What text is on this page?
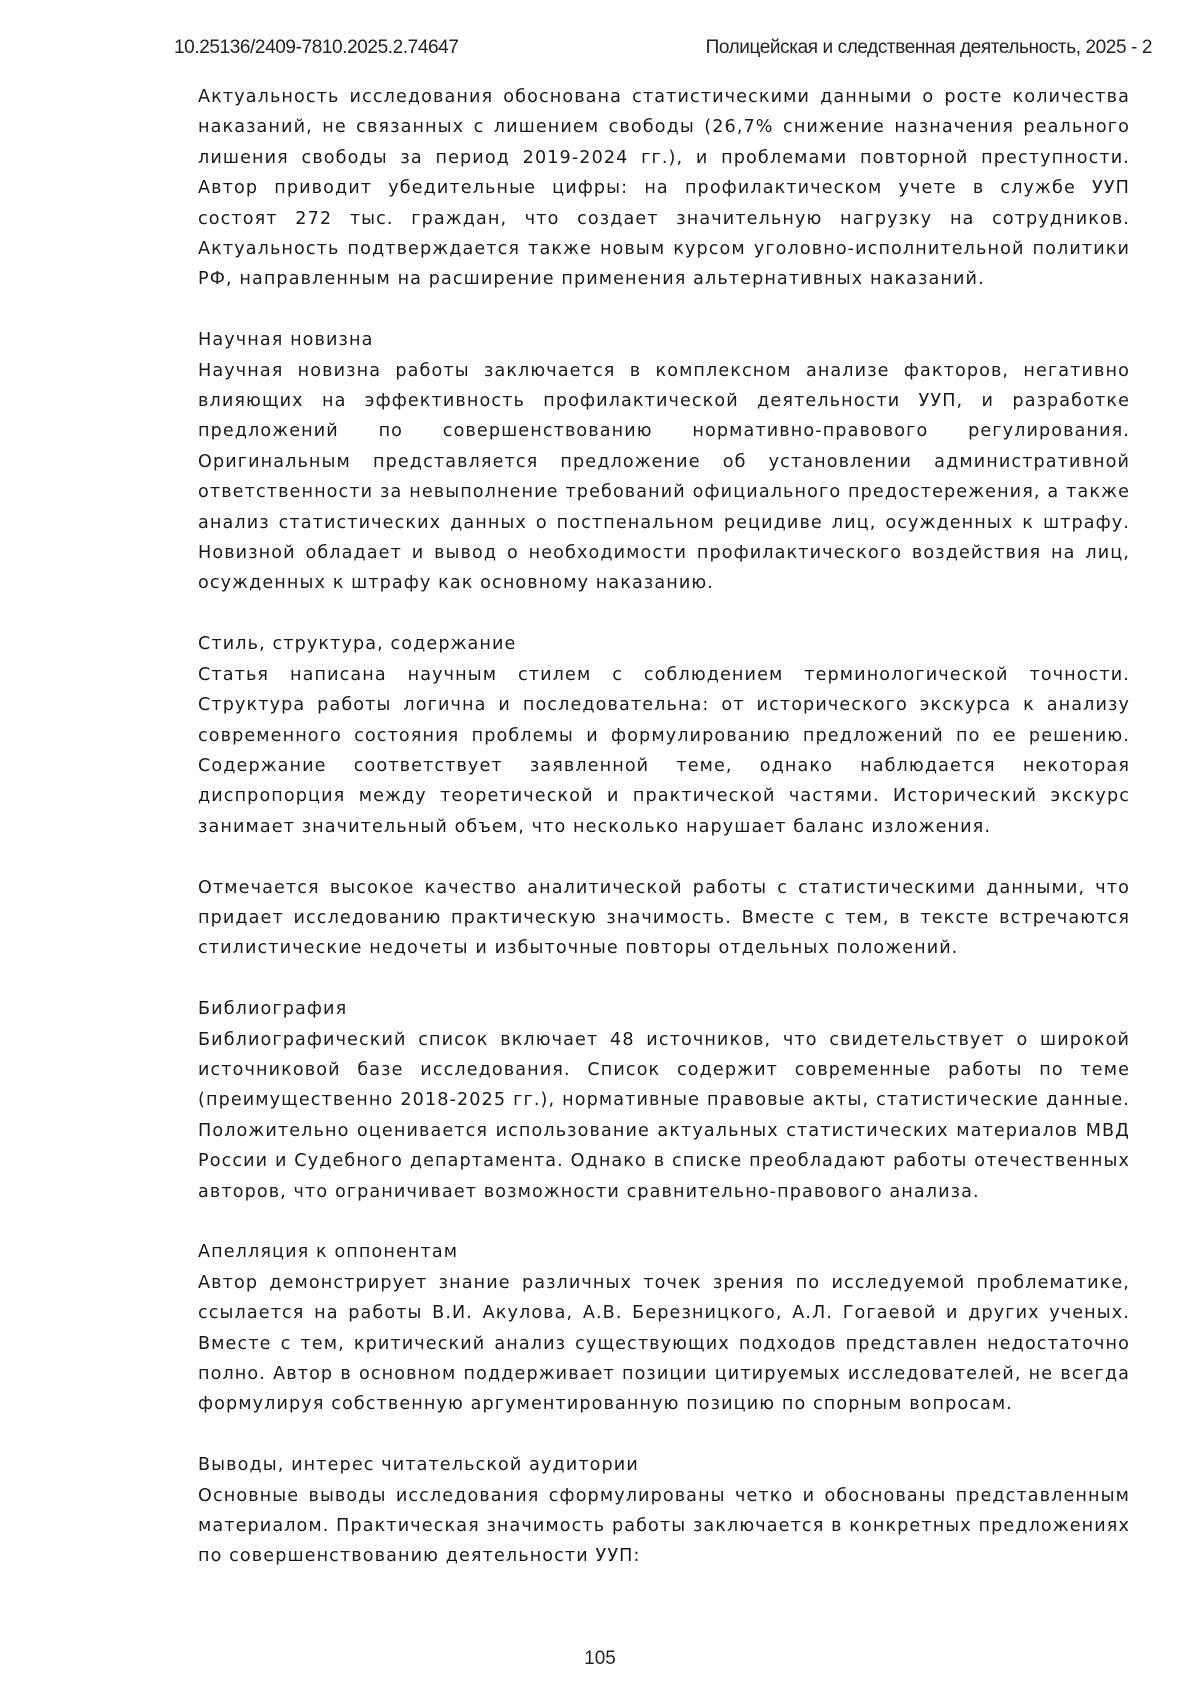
10.25136/2409-7810.2025.2.74647	Полицейская и следственная деятельность, 2025 - 2

Актуальность исследования обоснована статистическими данными о росте количества наказаний, не связанных с лишением свободы (26,7% снижение назначения реального лишения свободы за период 2019-2024 гг.), и проблемами повторной преступности. Автор приводит убедительные цифры: на профилактическом учете в службе УУП состоят 272 тыс. граждан, что создает значительную нагрузку на сотрудников. Актуальность подтверждается также новым курсом уголовно-исполнительной политики РФ, направленным на расширение применения альтернативных наказаний.

Научная новизна

Научная новизна работы заключается в комплексном анализе факторов, негативно влияющих на эффективность профилактической деятельности УУП, и разработке предложений по совершенствованию нормативно-правового регулирования. Оригинальным представляется предложение об установлении административной ответственности за невыполнение требований официального предостережения, а также анализ статистических данных о постпенальном рецидиве лиц, осужденных к штрафу. Новизной обладает и вывод о необходимости профилактического воздействия на лиц, осужденных к штрафу как основному наказанию.

Стиль, структура, содержание

Статья написана научным стилем с соблюдением терминологической точности. Структура работы логична и последовательна: от исторического экскурса к анализу современного состояния проблемы и формулированию предложений по ее решению. Содержание соответствует заявленной теме, однако наблюдается некоторая диспропорция между теоретической и практической частями. Исторический экскурс занимает значительный объем, что несколько нарушает баланс изложения.

Отмечается высокое качество аналитической работы с статистическими данными, что придает исследованию практическую значимость. Вместе с тем, в тексте встречаются стилистические недочеты и избыточные повторы отдельных положений.

Библиография

Библиографический список включает 48 источников, что свидетельствует о широкой источниковой базе исследования. Список содержит современные работы по теме (преимущественно 2018-2025 гг.), нормативные правовые акты, статистические данные. Положительно оценивается использование актуальных статистических материалов МВД России и Судебного департамента. Однако в списке преобладают работы отечественных авторов, что ограничивает возможности сравнительно-правового анализа.

Апелляция к оппонентам

Автор демонстрирует знание различных точек зрения по исследуемой проблематике, ссылается на работы В.И. Акулова, А.В. Березницкого, А.Л. Гогаевой и других ученых. Вместе с тем, критический анализ существующих подходов представлен недостаточно полно. Автор в основном поддерживает позиции цитируемых исследователей, не всегда формулируя собственную аргументированную позицию по спорным вопросам.

Выводы, интерес читательской аудитории

Основные выводы исследования сформулированы четко и обоснованы представленным материалом. Практическая значимость работы заключается в конкретных предложениях по совершенствованию деятельности УУП:

105
